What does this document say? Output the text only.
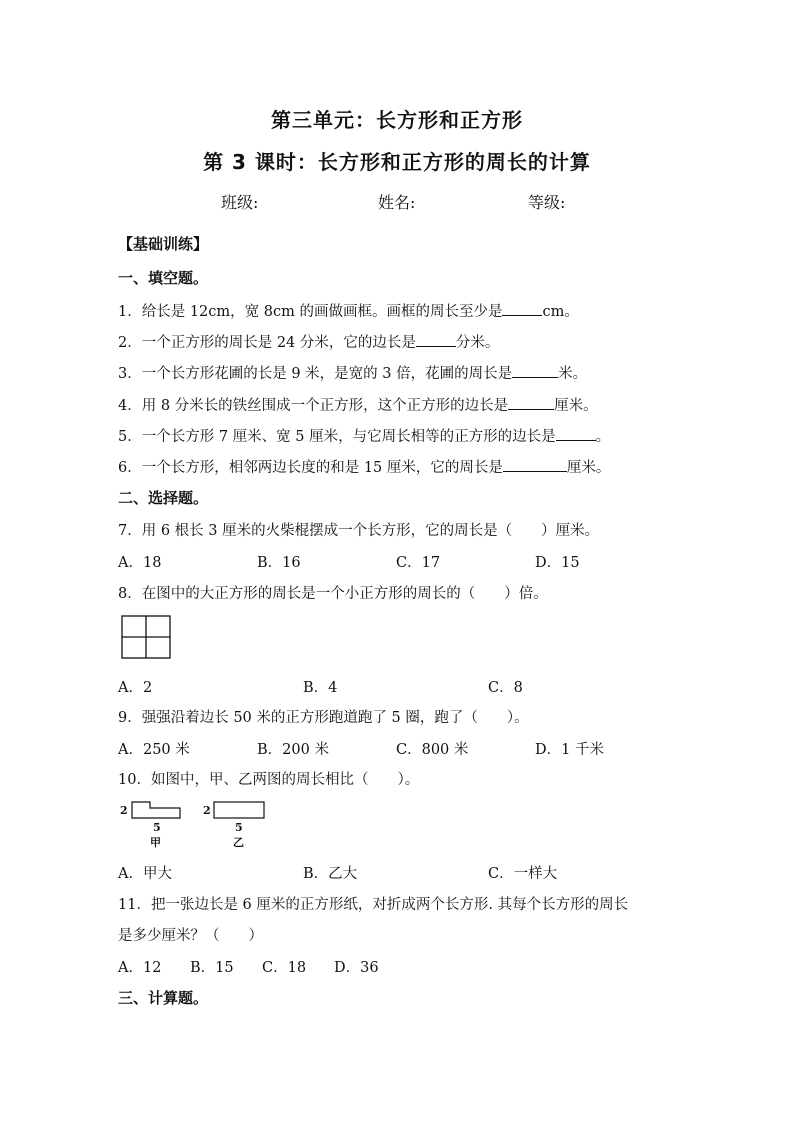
第三单元：长方形和正方形
第 3 课时：长方形和正方形的周长的计算
班级:	姓名:	等级:
【基础训练】
一、填空题。
1．给长是 12cm，宽 8cm 的画做画框。画框的周长至少是	cm。
2．一个正方形的周长是 24 分米，它的边长是	分米。
3．一个长方形花圃的长是 9 米，是宽的 3 倍，花圃的周长是	米。
4．用 8 分米长的铁丝围成一个正方形，这个正方形的边长是	厘米。
5．一个长方形 7 厘米、宽 5 厘米，与它周长相等的正方形的边长是	。
6．一个长方形，相邻两边长度的和是 15 厘米，它的周长是	厘米。
二、选择题。
7．用 6 根长 3 厘米的火柴棍摆成一个长方形，它的周长是（　　）厘米。
A．18	B．16	C．17	D．15
8．在图中的大正方形的周长是一个小正方形的周长的（　　）倍。
A．2	B．4	C．8
9．强强沿着边长 50 米的正方形跑道跑了 5 圈，跑了（　　）。
A．250 米	B．200 米	C．800 米	D．1 千米
10．如图中，甲、乙两图的周长相比（　　）。
2
5
甲
2
5
乙
A．甲大	B．乙大	C．一样大
11．把一张边长是 6 厘米的正方形纸，对折成两个长方形. 其每个长方形的周长
是多少厘米？（　　）
A．12 B．15 C．18 D．36
三、计算题。
